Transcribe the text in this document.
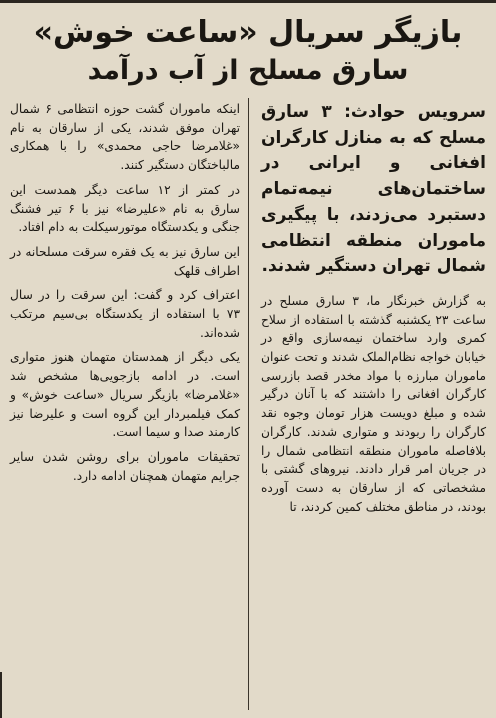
بازیگر سریال «ساعت خوش»
سارق مسلح از آب درآمد

سرویس حوادث: ۳ سارق مسلح که به منازل کارگران افغانی و ایرانی در ساختمان‌های نیمه‌تمام دستبرد می‌زدند، با پیگیری ماموران منطقه انتظامی شمال تهران دستگیر شدند.

به گزارش خبرنگار ما، ۳ سارق مسلح در ساعت ۲۳ یکشنبه گذشته با استفاده از سلاح کمری وارد ساختمان نیمه‌سازی واقع در خیابان خواجه نظام‌الملک شدند و تحت عنوان ماموران مبارزه با مواد مخدر قصد بازرسی کارگران افغانی را داشتند که با آنان درگیر شده و مبلغ دویست هزار تومان وجوه نقد کارگران را ربودند و متواری شدند. کارگران بلافاصله ماموران منطقه انتظامی شمال را در جریان امر قرار دادند. نیروهای گشتی با مشخصاتی که از سارقان به دست آورده بودند، در مناطق مختلف کمین کردند، تا

اینکه ماموران گشت حوزه انتظامی ۶ شمال تهران موفق شدند، یکی از سارقان به نام «غلامرضا حاجی محمدی» را با همکاری مالباختگان دستگیر کنند.

در کمتر از ۱۲ ساعت دیگر همدست این سارق به نام «علیرضا» نیز با ۶ تیر فشنگ جنگی و یکدستگاه موتورسیکلت به دام افتاد.

این سارق نیز به یک فقره سرقت مسلحانه در اطراف قلهک

اعتراف کرد و گفت: این سرقت را در سال ۷۳ با استفاده از یکدستگاه بی‌سیم مرتکب شده‌اند.

یکی دیگر از همدستان متهمان هنوز متواری است. در ادامه بازجویی‌ها مشخص شد «غلامرضا» بازیگر سریال «ساعت خوش» و کمک فیلمبردار این گروه است و علیرضا نیز کارمند صدا و سیما است.

تحقیقات ماموران برای روشن شدن سایر جرایم متهمان همچنان ادامه دارد.
